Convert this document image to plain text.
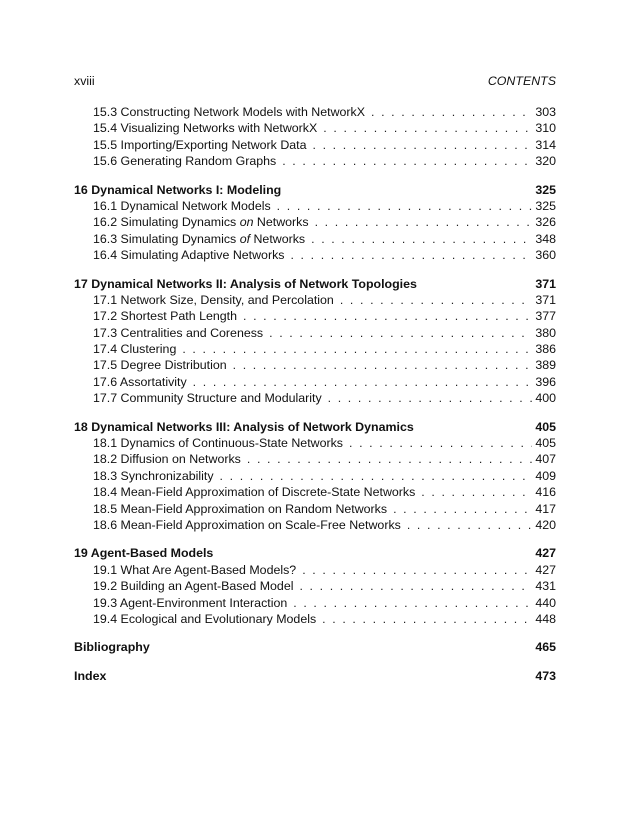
xviii	CONTENTS
15.3 Constructing Network Models with NetworkX . . .	303
15.4 Visualizing Networks with NetworkX . . .	310
15.5 Importing/Exporting Network Data . . .	314
15.6 Generating Random Graphs . . .	320
16 Dynamical Networks I: Modeling	325
16.1 Dynamical Network Models . . .	325
16.2 Simulating Dynamics on Networks . . .	326
16.3 Simulating Dynamics of Networks . . .	348
16.4 Simulating Adaptive Networks . . .	360
17 Dynamical Networks II: Analysis of Network Topologies	371
17.1 Network Size, Density, and Percolation . . .	371
17.2 Shortest Path Length . . .	377
17.3 Centralities and Coreness . . .	380
17.4 Clustering . . .	386
17.5 Degree Distribution . . .	389
17.6 Assortativity . . .	396
17.7 Community Structure and Modularity . . .	400
18 Dynamical Networks III: Analysis of Network Dynamics	405
18.1 Dynamics of Continuous-State Networks . . .	405
18.2 Diffusion on Networks . . .	407
18.3 Synchronizability . . .	409
18.4 Mean-Field Approximation of Discrete-State Networks . . .	416
18.5 Mean-Field Approximation on Random Networks . . .	417
18.6 Mean-Field Approximation on Scale-Free Networks . . .	420
19 Agent-Based Models	427
19.1 What Are Agent-Based Models? . . .	427
19.2 Building an Agent-Based Model . . .	431
19.3 Agent-Environment Interaction . . .	440
19.4 Ecological and Evolutionary Models . . .	448
Bibliography	465
Index	473
